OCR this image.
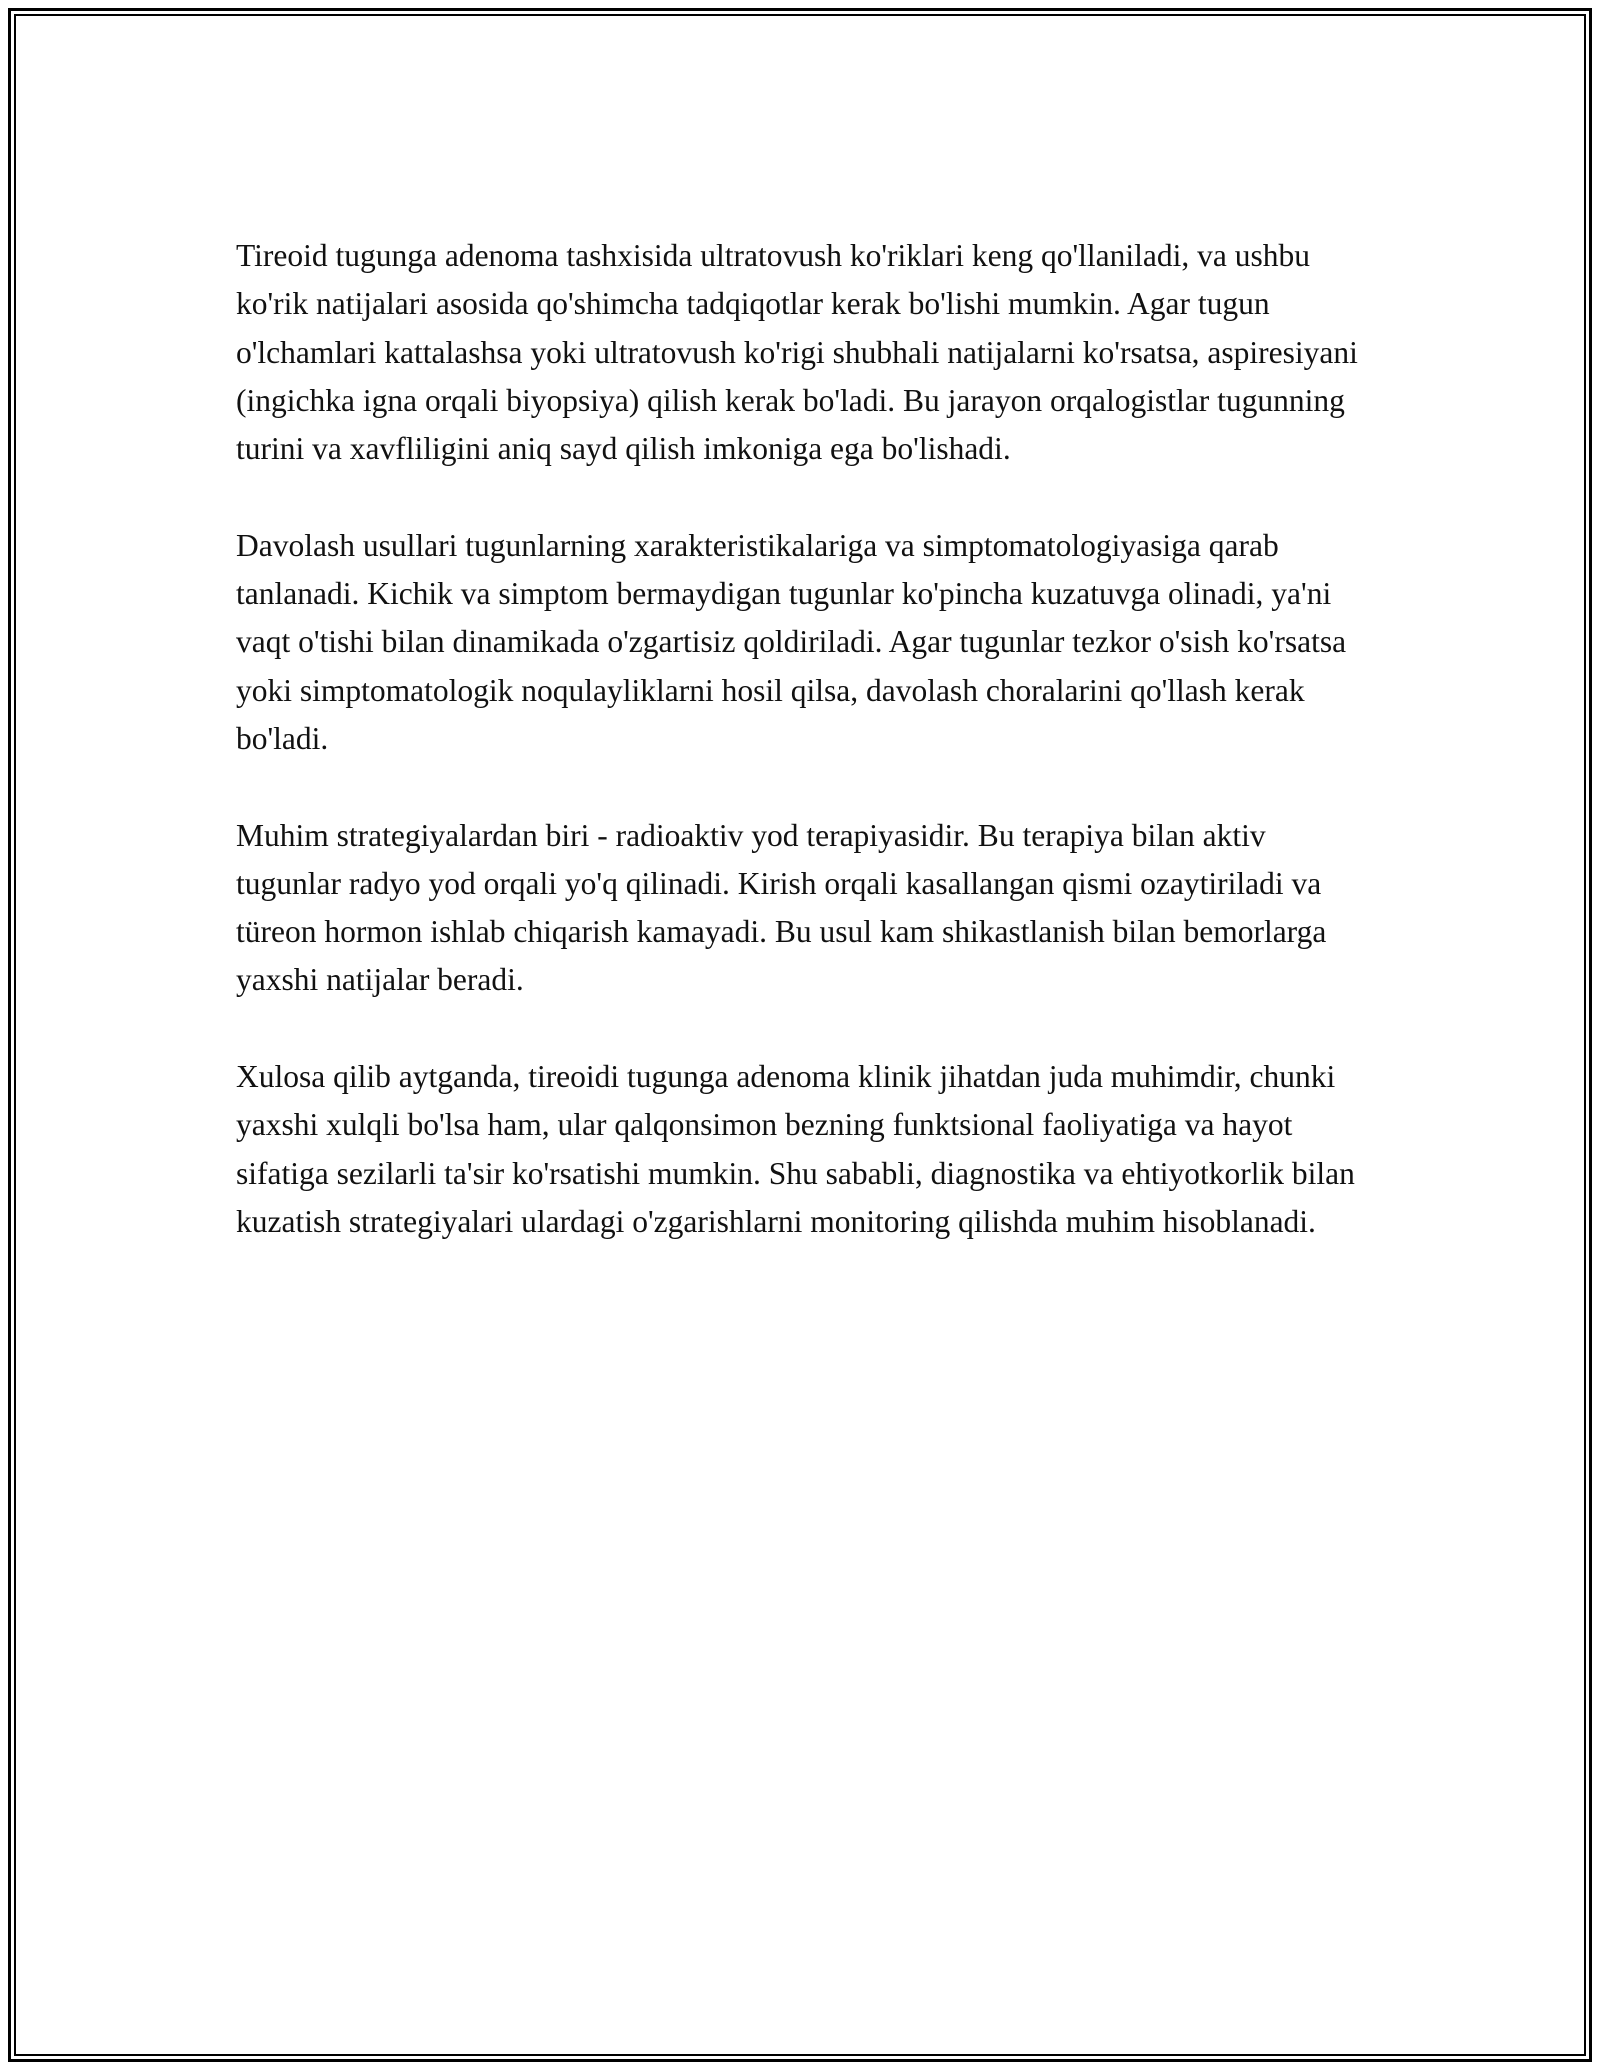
Tireoid tugunga adenoma tashxisida ultratovush ko'riklari keng qo'llaniladi, va ushbu ko'rik natijalari asosida qo'shimcha tadqiqotlar kerak bo'lishi mumkin. Agar tugun o'lchamlari kattalashsa yoki ultratovush ko'rigi shubhali natijalarni ko'rsatsa, aspiresiyani (ingichka igna orqali biyopsiya) qilish kerak bo'ladi. Bu jarayon orqalogistlar tugunning turini va xavfliligini aniq sayd qilish imkoniga ega bo'lishadi.

Davolash usullari tugunlarning xarakteristikalariga va simptomatologiyasiga qarab tanlanadi. Kichik va simptom bermaydigan tugunlar ko'pincha kuzatuvga olinadi, ya'ni vaqt o'tishi bilan dinamikada o'zgartisiz qoldiriladi. Agar tugunlar tezkor o'sish ko'rsatsa yoki simptomatologik noqulayliklarni hosil qilsa, davolash choralarini qo'llash kerak bo'ladi.

Muhim strategiyalardan biri - radioaktiv yod terapiyasidir. Bu terapiya bilan aktiv tugunlar radyo yod orqali yo'q qilinadi. Kirish orqali kasallangan qismi ozaytiriladi va türeon hormon ishlab chiqarish kamayadi. Bu usul kam shikastlanish bilan bemorlarga yaxshi natijalar beradi.

Xulosa qilib aytganda, tireoidi tugunga adenoma klinik jihatdan juda muhimdir, chunki yaxshi xulqli bo'lsa ham, ular qalqonsimon bezning funktsional faoliyatiga va hayot sifatiga sezilarli ta'sir ko'rsatishi mumkin. Shu sababli, diagnostika va ehtiyotkorlik bilan kuzatish strategiyalari ulardagi o'zgarishlarni monitoring qilishda muhim hisoblanadi.
